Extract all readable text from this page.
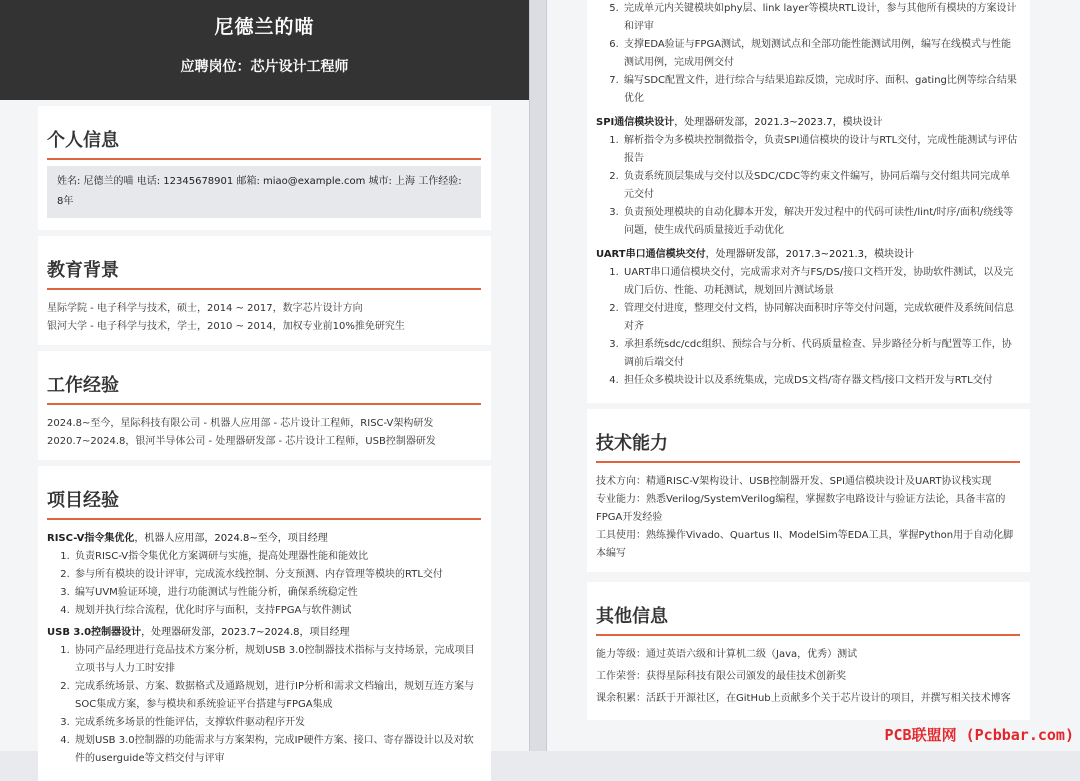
尼德兰的喵
应聘岗位：芯片设计工程师
个人信息
姓名: 尼德兰的喵 电话: 12345678901 邮箱: miao@example.com 城市: 上海 工作经验: 8年
教育背景

星际学院 - 电子科学与技术，硕士，2014 ~ 2017，数字芯片设计方向

银河大学 - 电子科学与技术，学士，2010 ~ 2014，加权专业前10%推免研究生

工作经验

2024.8~至今，星际科技有限公司 - 机器人应用部 - 芯片设计工程师，RISC-V架构研发

2020.7~2024.8，银河半导体公司 - 处理器研发部 - 芯片设计工程师，USB控制器研发

项目经验
RISC-V指令集优化，机器人应用部，2024.8~至今，项目经理
1. 负责RISC-V指令集优化方案调研与实施，提高处理器性能和能效比
2. 参与所有模块的设计评审，完成流水线控制、分支预测、内存管理等模块的RTL交付
3. 编写UVM验证环境，进行功能测试与性能分析，确保系统稳定性
4. 规划并执行综合流程，优化时序与面积，支持FPGA与软件测试
USB 3.0控制器设计，处理器研发部，2023.7~2024.8，项目经理
1. 协同产品经理进行竞品技术方案分析，规划USB 3.0控制器技术指标与支持场景，完成项目立项书与人力工时安排
2. 完成系统场景、方案、数据格式及通路规划，进行IP分析和需求文档输出，规划互连方案与SOC集成方案，参与模块和系统验证平台搭建与FPGA集成
3. 完成系统多场景的性能评估，支撑软件驱动程序开发
4. 规划USB 3.0控制器的功能需求与方案架构，完成IP硬件方案、接口、寄存器设计以及对软件的userguide等文档交付与评审
5. 完成单元内关键模块如phy层、link layer等模块RTL设计，参与其他所有模块的方案设计和评审
6. 支撑EDA验证与FPGA测试，规划测试点和全部功能性能测试用例，编写在线模式与性能测试用例，完成用例交付
7. 编写SDC配置文件，进行综合与结果追踪反馈，完成时序、面积、gating比例等综合结果优化
SPI通信模块设计，处理器研发部，2021.3~2023.7，模块设计
1. 解析指令为多模块控制微指令，负责SPI通信模块的设计与RTL交付，完成性能测试与评估报告
2. 负责系统顶层集成与交付以及SDC/CDC等约束文件编写，协同后端与交付组共同完成单元交付
3. 负责预处理模块的自动化脚本开发，解决开发过程中的代码可读性/lint/时序/面积/绕线等问题，使生成代码质量接近手动优化
UART串口通信模块交付，处理器研发部，2017.3~2021.3，模块设计
1. UART串口通信模块交付，完成需求对齐与FS/DS/接口文档开发，协助软件测试，以及完成门后仿、性能、功耗测试，规划回片测试场景
2. 管理交付进度，整理交付文档，协同解决面积时序等交付问题，完成软硬件及系统间信息对齐
3. 承担系统sdc/cdc组织、预综合与分析、代码质量检查、异步路径分析与配置等工作，协调前后端交付
4. 担任众多模块设计以及系统集成，完成DS文档/寄存器文档/接口文档开发与RTL交付
技术能力

技术方向：精通RISC-V架构设计、USB控制器开发、SPI通信模块设计及UART协议栈实现

专业能力：熟悉Verilog/SystemVerilog编程，掌握数字电路设计与验证方法论，具备丰富的FPGA开发经验

工具使用：熟练操作Vivado、Quartus II、ModelSim等EDA工具，掌握Python用于自动化脚本编写

其他信息

能力等级：通过英语六级和计算机二级（Java，优秀）测试

工作荣誉：获得星际科技有限公司颁发的最佳技术创新奖

课余积累：活跃于开源社区，在GitHub上贡献多个关于芯片设计的项目，并撰写相关技术博客

PCB联盟网 (Pcbbar.com)
